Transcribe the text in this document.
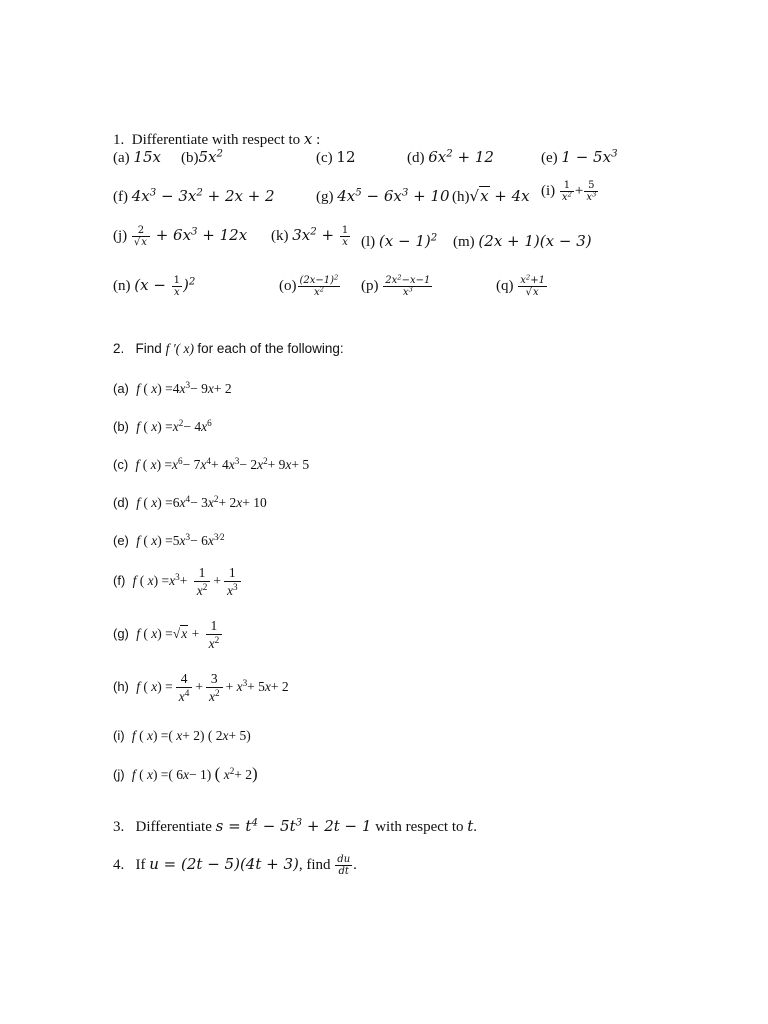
1. Differentiate with respect to x :
(a) 15x $(b)5x^2$	(c) 12	(d) $6x^2 + 12$	(e) $1 - 5x^3$
(f) $4x^3 - 3x^2 + 2x + 2$	(g) $4x^5 - 6x^3 + 10$ (h)√x + 4x $(i) \frac{1}{x^2} + \frac{5}{x^3}$
$(j) \frac{2}{√x} + 6x^3 + 12x$ (k) $3x^2 + \frac{1}{x} (l) (x - 1)^2$ (m) (2x + 1)(x − 3)
(n) $(x - \frac{1}{x} )^2$	$(o) \frac{(2x-1)^2}{x^2} (p) \frac{2x^2-x-1}{x^3}$	$(q) \frac{x^2+1}{√x}$
2. Find f '( x) for each of the following:
(a) f ( $x) =4x^3- 9x+ 2$
(b) f ( $x) =x^2- 4x^6$
(c) f ( $x) =x^6- 7x^4+ 4x^3- 2x^2+ 9x+ 5$
(d) f ( $x) =6x^4- 3x^2+ 2x+ 10$
(e) f ( $x) =5x^3- 6x^{3⁄2}$
(f) f ( $x) =x^3+ \frac{1}{x^2} + \frac{1}{x^3}$
(g) f ( $x) =√x + \frac{1}{x^2}$
(h) f ( $x) = \frac{4}{x^4} + \frac{3}{x^2} + x^3+ 5x+ 2$
(i) f ( x) =( x+ 2) ( 2x+ 5)
(j) f ( x) =( 6x− 1) ( $x^2+ 2$)
3. Differentiate $s = t^4 - 5t^3 + 2t - 1$ with respect to t.
4. If u = (2t − 5)(4t + 3), find $\frac{du}{dt}$ .
